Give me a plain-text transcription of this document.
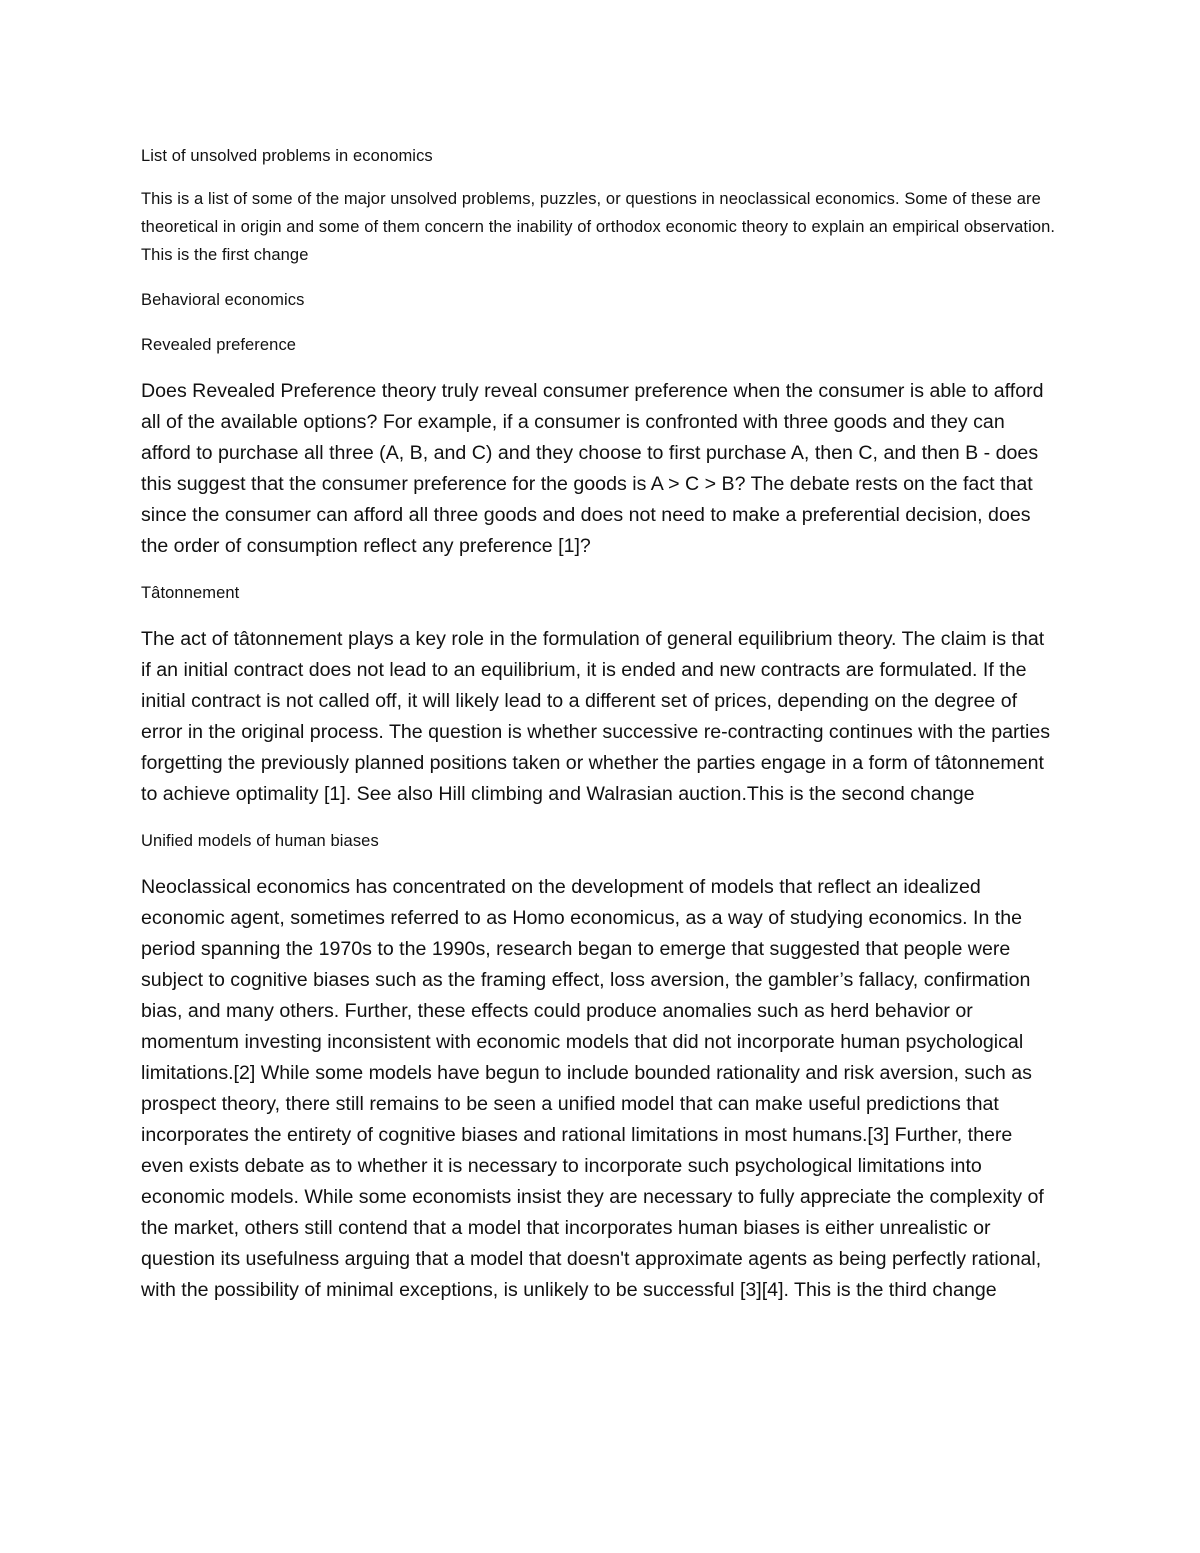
List of unsolved problems in economics

This is a list of some of the major unsolved problems, puzzles, or questions in neoclassical economics. Some of these are theoretical in origin and some of them concern the inability of orthodox economic theory to explain an empirical observation. This is the first change

Behavioral economics

Revealed preference

Does Revealed Preference theory truly reveal consumer preference when the consumer is able to afford all of the available options? For example, if a consumer is confronted with three goods and they can afford to purchase all three (A, B, and C) and they choose to first purchase A, then C, and then B - does this suggest that the consumer preference for the goods is A > C > B? The debate rests on the fact that since the consumer can afford all three goods and does not need to make a preferential decision, does the order of consumption reflect any preference [1]?

Tâtonnement

The act of tâtonnement plays a key role in the formulation of general equilibrium theory. The claim is that if an initial contract does not lead to an equilibrium, it is ended and new contracts are formulated. If the initial contract is not called off, it will likely lead to a different set of prices, depending on the degree of error in the original process. The question is whether successive re-contracting continues with the parties forgetting the previously planned positions taken or whether the parties engage in a form of tâtonnement to achieve optimality [1]. See also Hill climbing and Walrasian auction.This is the second change

Unified models of human biases

Neoclassical economics has concentrated on the development of models that reflect an idealized economic agent, sometimes referred to as Homo economicus, as a way of studying economics. In the period spanning the 1970s to the 1990s, research began to emerge that suggested that people were subject to cognitive biases such as the framing effect, loss aversion, the gambler’s fallacy, confirmation bias, and many others. Further, these effects could produce anomalies such as herd behavior or momentum investing inconsistent with economic models that did not incorporate human psychological limitations.[2] While some models have begun to include bounded rationality and risk aversion, such as prospect theory, there still remains to be seen a unified model that can make useful predictions that incorporates the entirety of cognitive biases and rational limitations in most humans.[3] Further, there even exists debate as to whether it is necessary to incorporate such psychological limitations into economic models. While some economists insist they are necessary to fully appreciate the complexity of the market, others still contend that a model that incorporates human biases is either unrealistic or question its usefulness arguing that a model that doesn't approximate agents as being perfectly rational, with the possibility of minimal exceptions, is unlikely to be successful [3][4]. This is the third change
